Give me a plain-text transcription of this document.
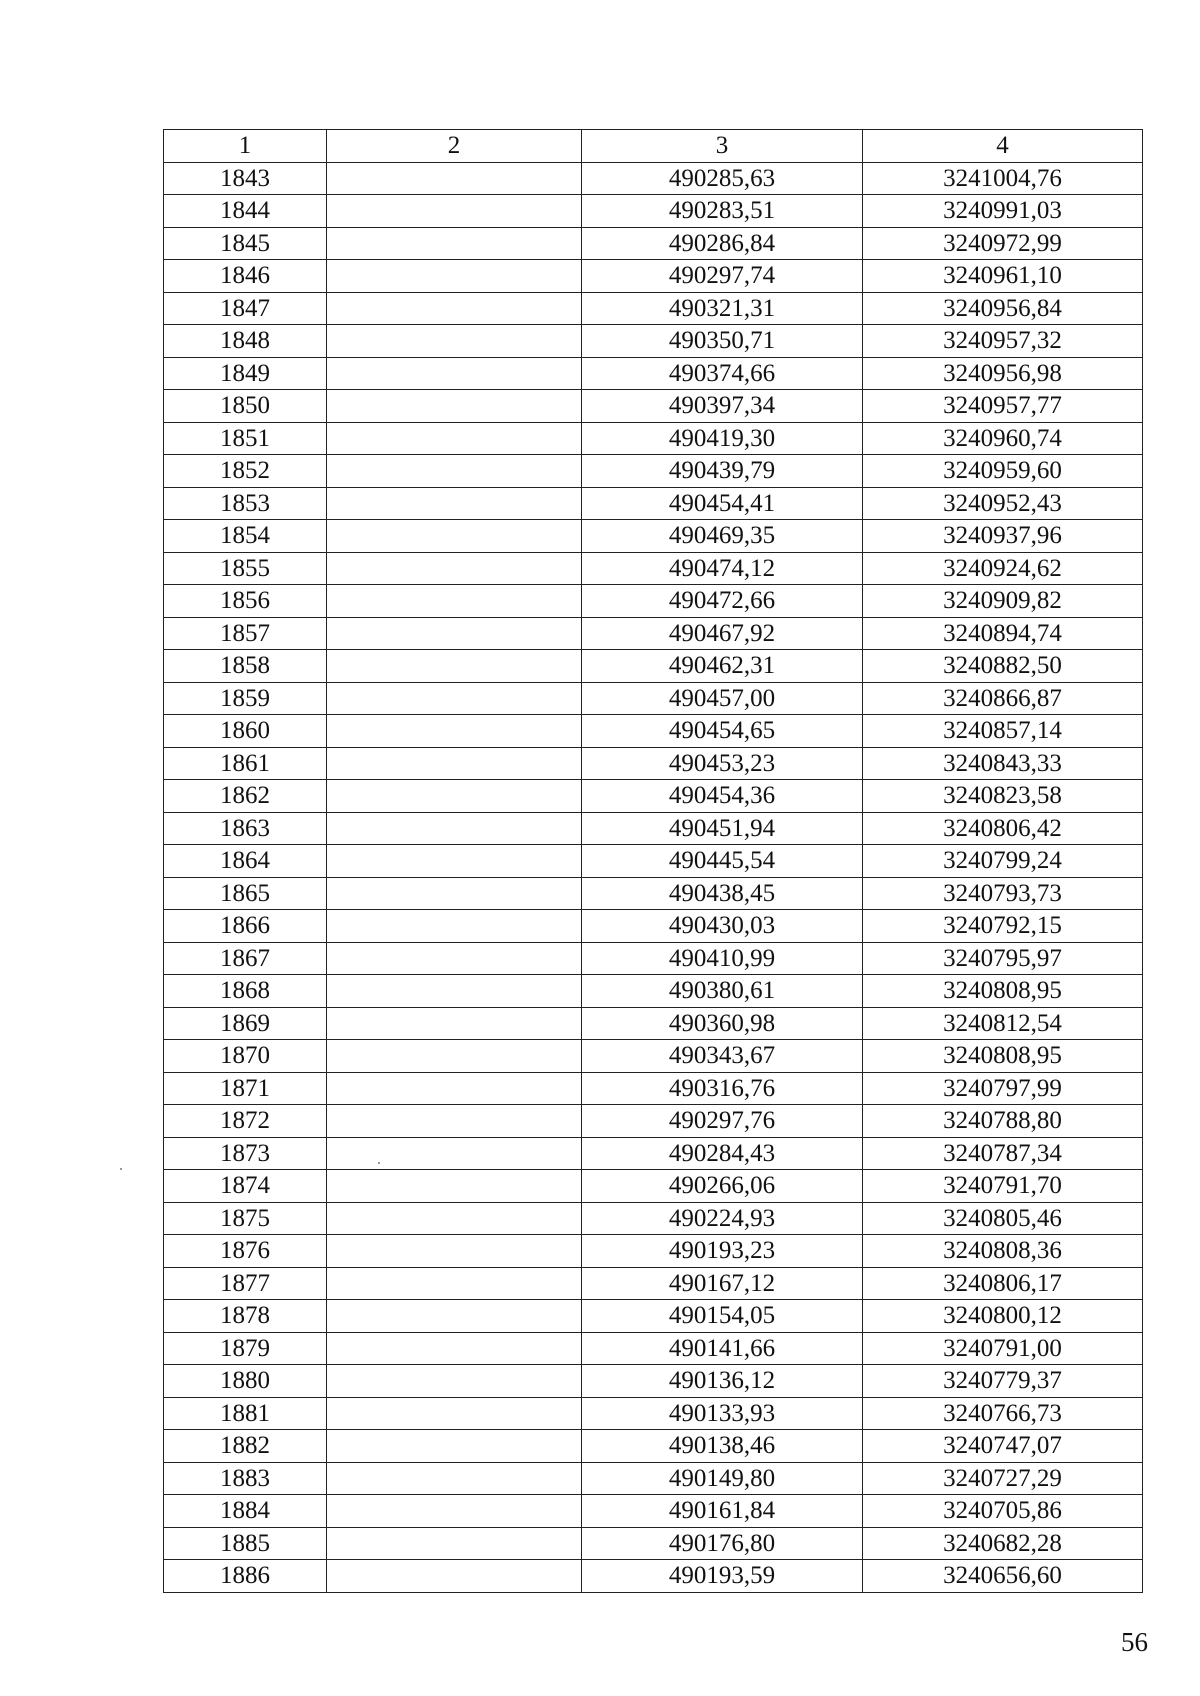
1	2	3	4
1843		490285,63	3241004,76
1844		490283,51	3240991,03
1845		490286,84	3240972,99
1846		490297,74	3240961,10
1847		490321,31	3240956,84
1848		490350,71	3240957,32
1849		490374,66	3240956,98
1850		490397,34	3240957,77
1851		490419,30	3240960,74
1852		490439,79	3240959,60
1853		490454,41	3240952,43
1854		490469,35	3240937,96
1855		490474,12	3240924,62
1856		490472,66	3240909,82
1857		490467,92	3240894,74
1858		490462,31	3240882,50
1859		490457,00	3240866,87
1860		490454,65	3240857,14
1861		490453,23	3240843,33
1862		490454,36	3240823,58
1863		490451,94	3240806,42
1864		490445,54	3240799,24
1865		490438,45	3240793,73
1866		490430,03	3240792,15
1867		490410,99	3240795,97
1868		490380,61	3240808,95
1869		490360,98	3240812,54
1870		490343,67	3240808,95
1871		490316,76	3240797,99
1872		490297,76	3240788,80
1873		490284,43	3240787,34
1874		490266,06	3240791,70
1875		490224,93	3240805,46
1876		490193,23	3240808,36
1877		490167,12	3240806,17
1878		490154,05	3240800,12
1879		490141,66	3240791,00
1880		490136,12	3240779,37
1881		490133,93	3240766,73
1882		490138,46	3240747,07
1883		490149,80	3240727,29
1884		490161,84	3240705,86
1885		490176,80	3240682,28
1886		490193,59	3240656,60
56
